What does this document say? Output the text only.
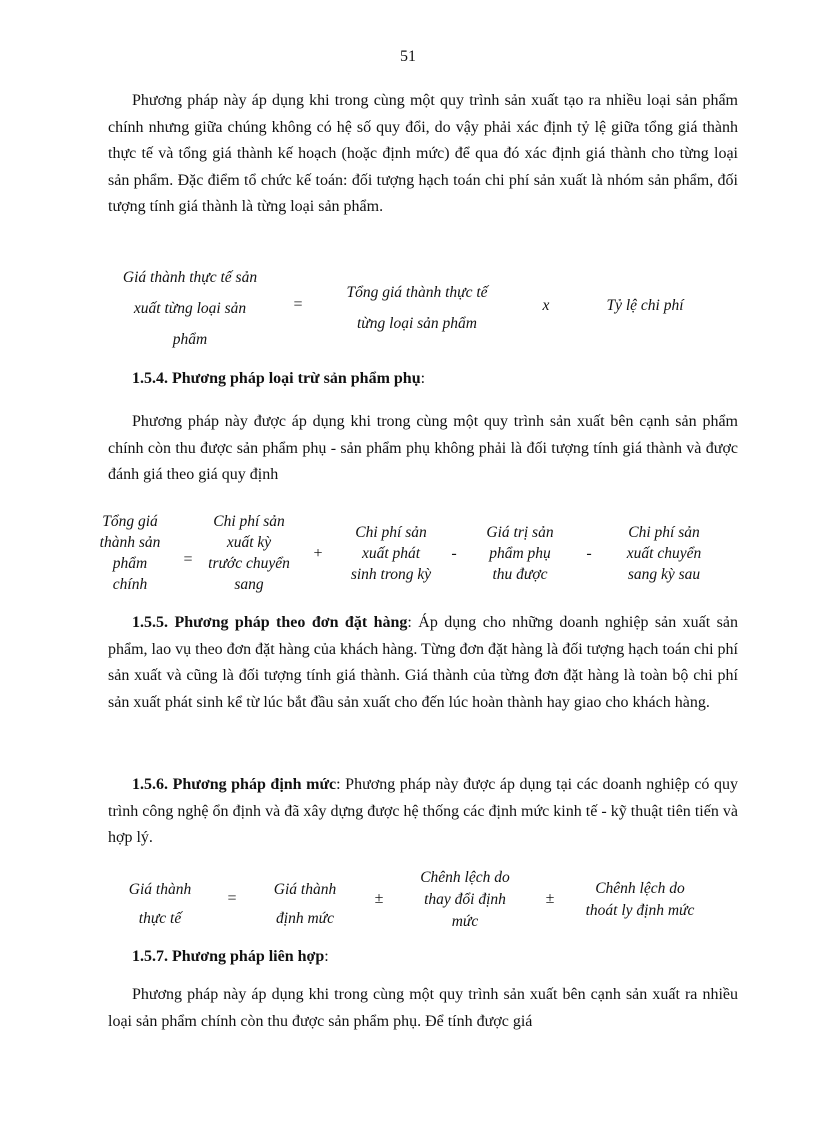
51

Phương pháp này áp dụng khi trong cùng một quy trình sản xuất tạo ra nhiều loại sản phẩm chính nhưng giữa chúng không có hệ số quy đổi, do vậy phải xác định tỷ lệ giữa tổng giá thành thực tế và tổng giá thành kế hoạch (hoặc định mức) để qua đó xác định giá thành cho từng loại sản phẩm. Đặc điểm tổ chức kế toán: đối tượng hạch toán chi phí sản xuất là nhóm sản phẩm, đối tượng tính giá thành là từng loại sản phẩm.

Giá thành thực tế sản
xuất từng loại sản
phẩm
=
Tổng giá thành thực tế
từng loại sản phẩm
x	Tỷ lệ chi phí

1.5.4. Phương pháp loại trừ sản phẩm phụ:

Phương pháp này được áp dụng khi trong cùng một quy trình sản xuất bên cạnh sản phẩm chính còn thu được sản phẩm phụ - sản phẩm phụ không phải là đối tượng tính giá thành và được đánh giá theo giá quy định

Tổng giá
thành sản
phẩm
chính
=
Chi phí sản
xuất kỳ
trước chuyển
sang
+
Chi phí sản
xuất phát
sinh trong kỳ
-
Giá trị sản
phẩm phụ
thu được
-
Chi phí sản
xuất chuyển
sang kỳ sau

1.5.5. Phương pháp theo đơn đặt hàng: Áp dụng cho những doanh nghiệp sản xuất sản phẩm, lao vụ theo đơn đặt hàng của khách hàng. Từng đơn đặt hàng là đối tượng hạch toán chi phí sản xuất và cũng là đối tượng tính giá thành. Giá thành của từng đơn đặt hàng là toàn bộ chi phí sản xuất phát sinh kể từ lúc bắt đầu sản xuất cho đến lúc hoàn thành hay giao cho khách hàng.

1.5.6. Phương pháp định mức: Phương pháp này được áp dụng tại các doanh nghiệp có quy trình công nghệ ổn định và đã xây dựng được hệ thống các định mức kinh tế - kỹ thuật tiên tiến và hợp lý.

Giá thành
thực tế
=
Giá thành
định mức
±
Chênh lệch do
thay đổi định
mức
±
Chênh lệch do
thoát ly định mức

1.5.7. Phương pháp liên hợp:

Phương pháp này áp dụng khi trong cùng một quy trình sản xuất bên cạnh sản xuất ra nhiều loại sản phẩm chính còn thu được sản phẩm phụ. Để tính được giá
